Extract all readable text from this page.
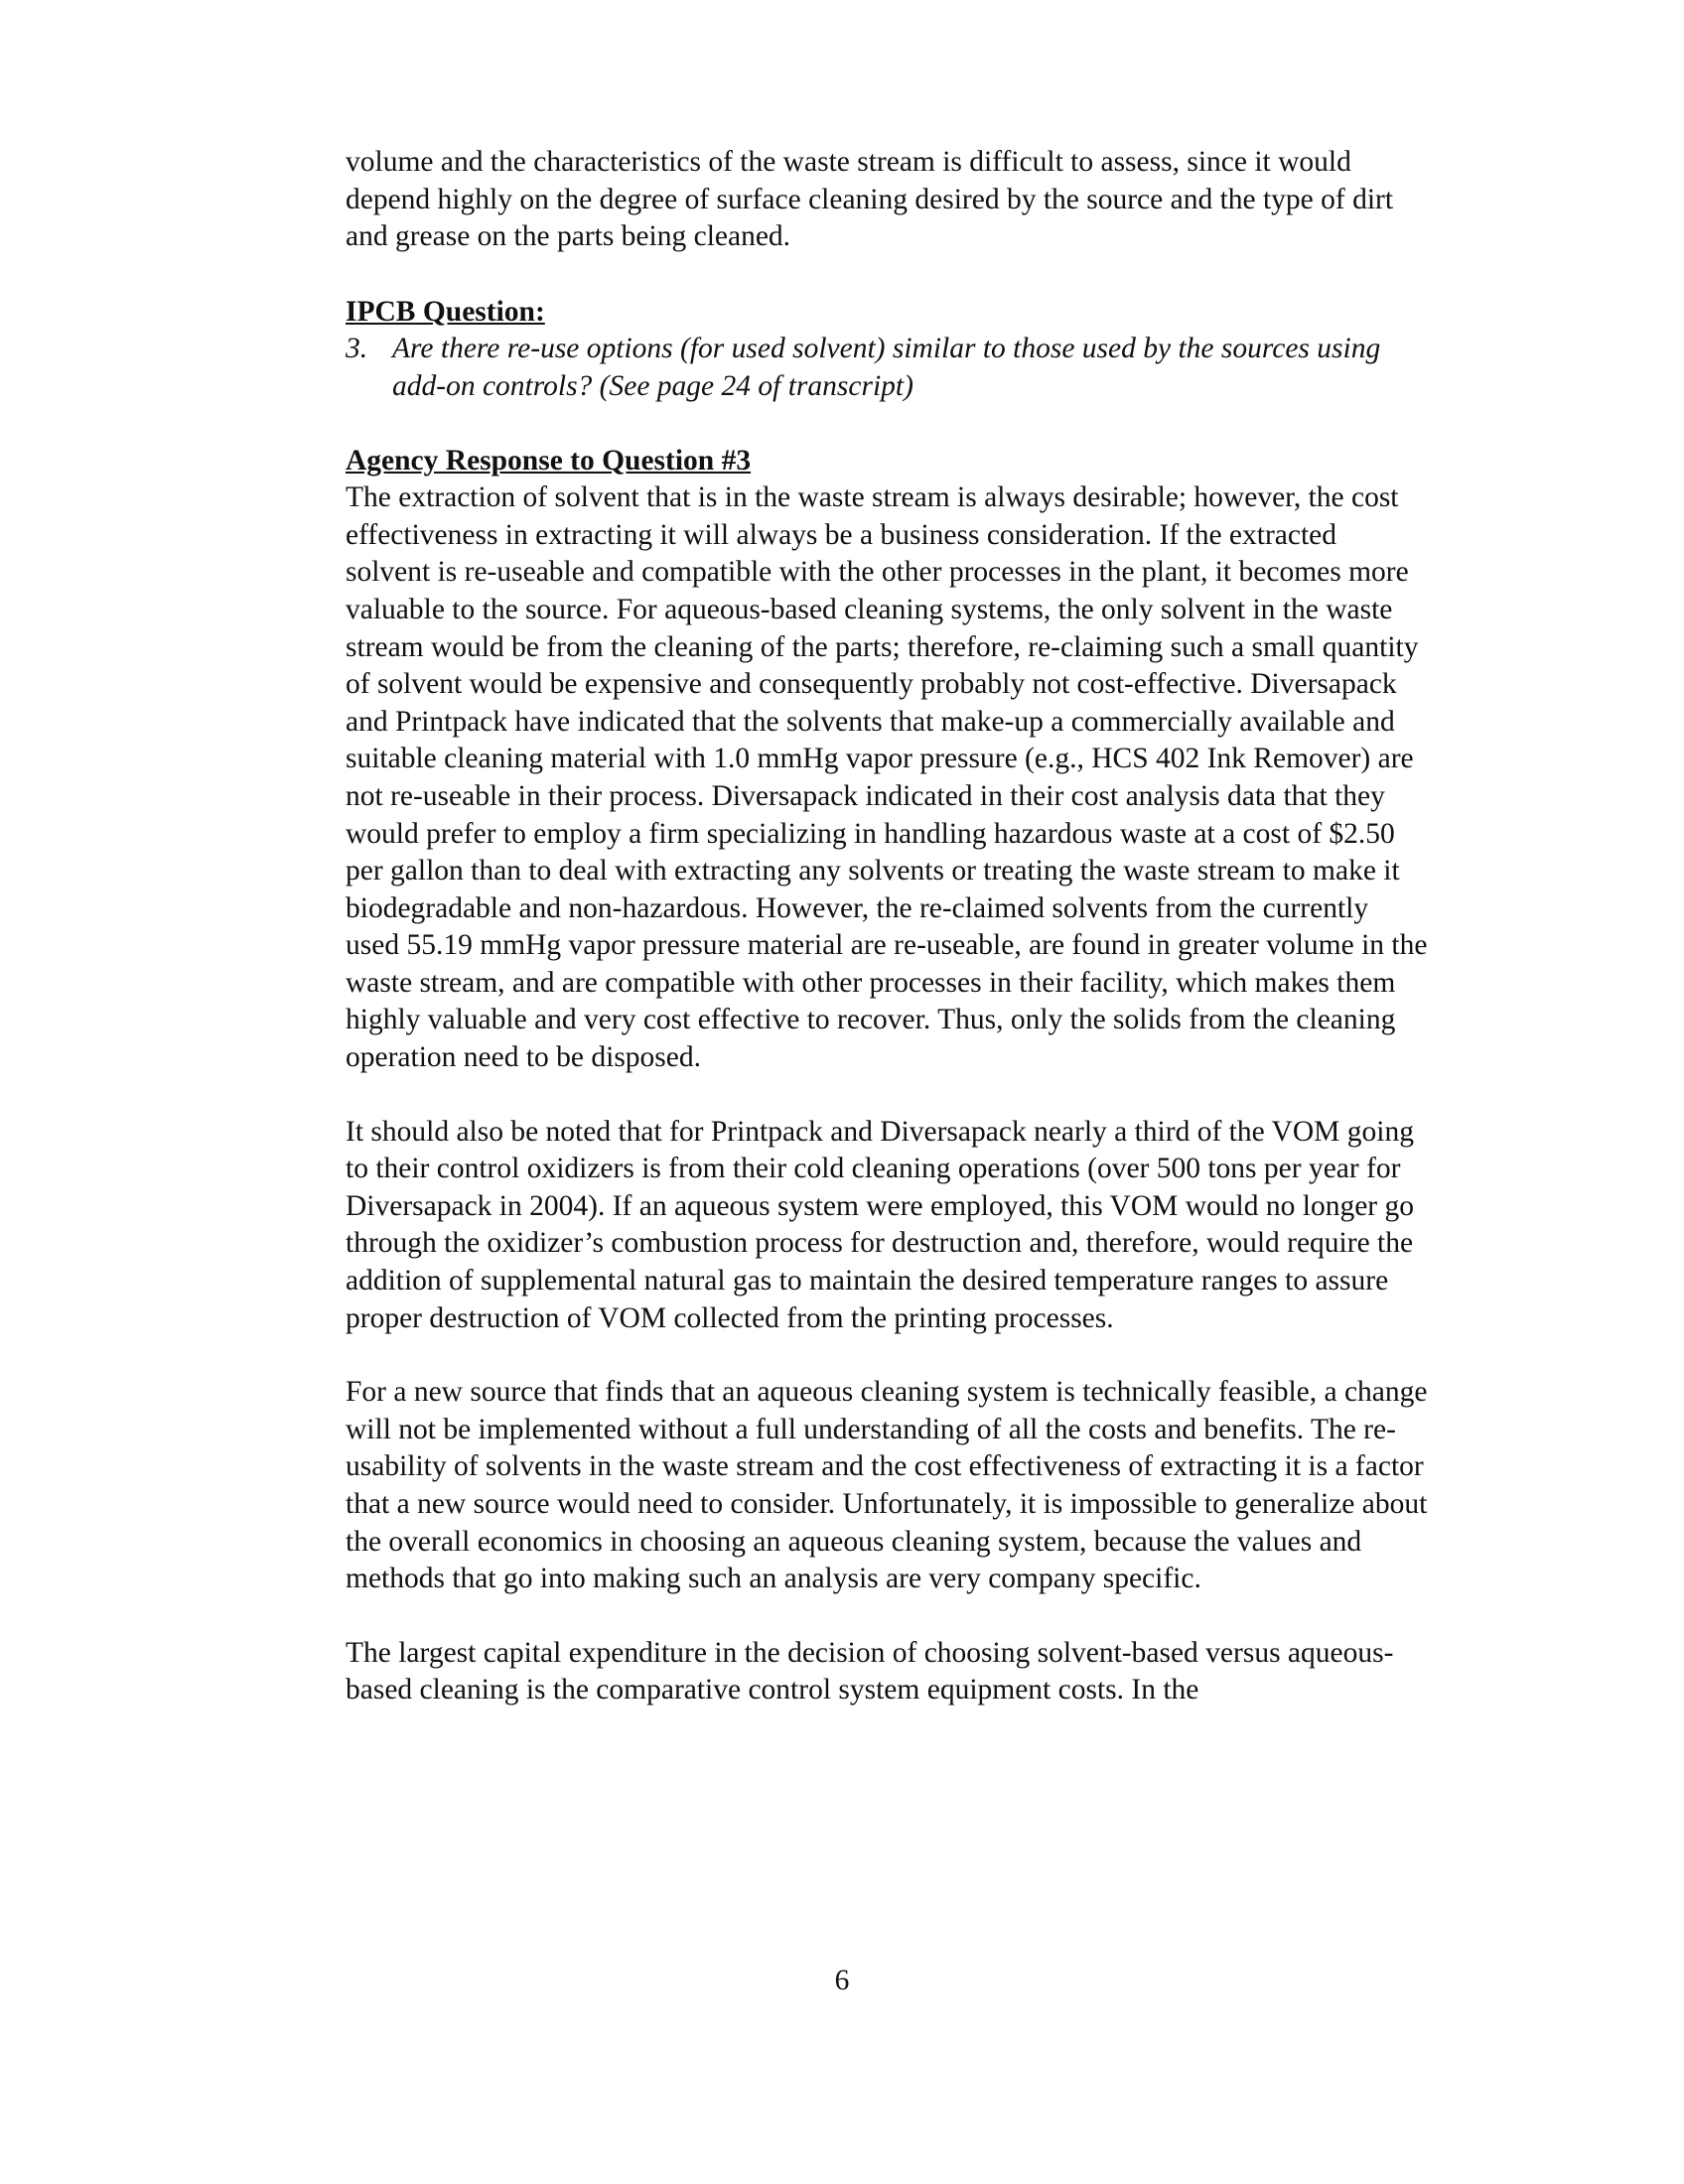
volume and the characteristics of the waste stream is difficult to assess, since it would depend highly on the degree of surface cleaning desired by the source and the type of dirt and grease on the parts being cleaned.

IPCB Question:

3. Are there re-use options (for used solvent) similar to those used by the sources using add-on controls? (See page 24 of transcript)

Agency Response to Question #3

The extraction of solvent that is in the waste stream is always desirable; however, the cost effectiveness in extracting it will always be a business consideration. If the extracted solvent is re-useable and compatible with the other processes in the plant, it becomes more valuable to the source. For aqueous-based cleaning systems, the only solvent in the waste stream would be from the cleaning of the parts; therefore, re-claiming such a small quantity of solvent would be expensive and consequently probably not cost-effective. Diversapack and Printpack have indicated that the solvents that make-up a commercially available and suitable cleaning material with 1.0 mmHg vapor pressure (e.g., HCS 402 Ink Remover) are not re-useable in their process. Diversapack indicated in their cost analysis data that they would prefer to employ a firm specializing in handling hazardous waste at a cost of $2.50 per gallon than to deal with extracting any solvents or treating the waste stream to make it biodegradable and non-hazardous. However, the re-claimed solvents from the currently used 55.19 mmHg vapor pressure material are re-useable, are found in greater volume in the waste stream, and are compatible with other processes in their facility, which makes them highly valuable and very cost effective to recover. Thus, only the solids from the cleaning operation need to be disposed.

It should also be noted that for Printpack and Diversapack nearly a third of the VOM going to their control oxidizers is from their cold cleaning operations (over 500 tons per year for Diversapack in 2004). If an aqueous system were employed, this VOM would no longer go through the oxidizer’s combustion process for destruction and, therefore, would require the addition of supplemental natural gas to maintain the desired temperature ranges to assure proper destruction of VOM collected from the printing processes.

For a new source that finds that an aqueous cleaning system is technically feasible, a change will not be implemented without a full understanding of all the costs and benefits. The re-usability of solvents in the waste stream and the cost effectiveness of extracting it is a factor that a new source would need to consider. Unfortunately, it is impossible to generalize about the overall economics in choosing an aqueous cleaning system, because the values and methods that go into making such an analysis are very company specific.

The largest capital expenditure in the decision of choosing solvent-based versus aqueous-based cleaning is the comparative control system equipment costs. In the

6
